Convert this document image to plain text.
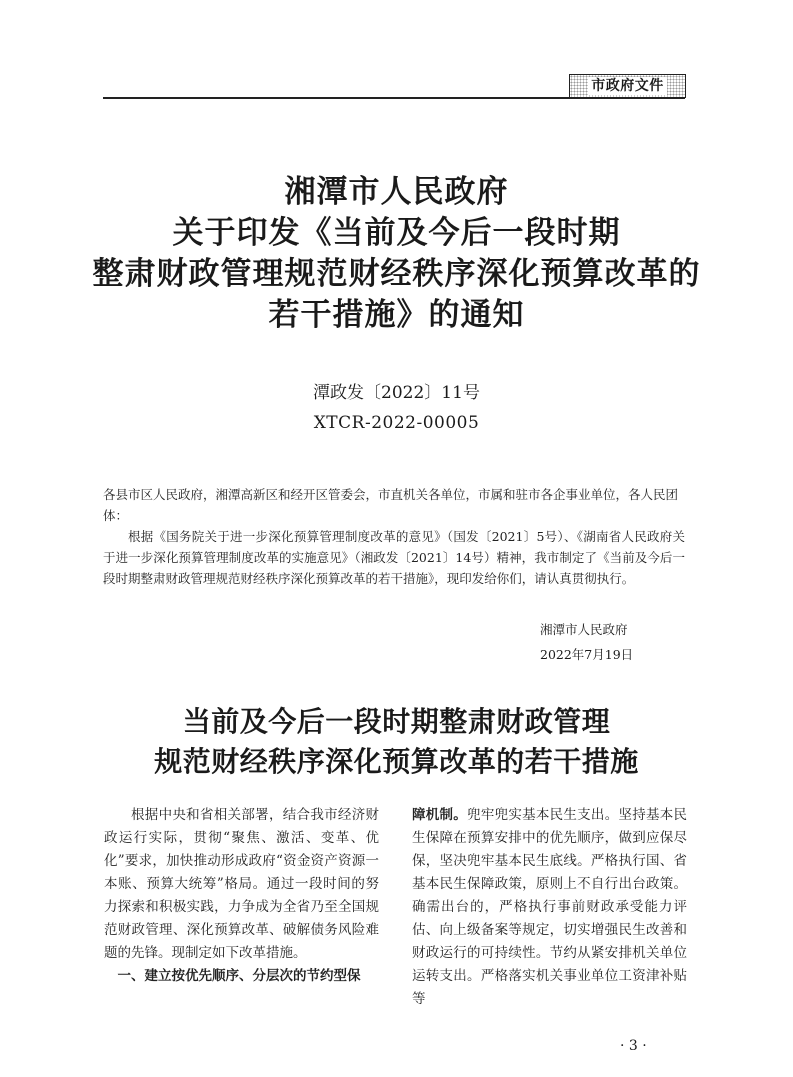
市政府文件
湘潭市人民政府
关于印发《当前及今后一段时期
整肃财政管理规范财经秩序深化预算改革的
若干措施》的通知
潭政发〔2022〕11号
XTCR-2022-00005
各县市区人民政府，湘潭高新区和经开区管委会，市直机关各单位，市属和驻市各企事业单位，各人民团体：
根据《国务院关于进一步深化预算管理制度改革的意见》（国发〔2021〕5号）、《湖南省人民政府关于进一步深化预算管理制度改革的实施意见》（湘政发〔2021〕14号）精神，我市制定了《当前及今后一段时期整肃财政管理规范财经秩序深化预算改革的若干措施》，现印发给你们，请认真贯彻执行。
湘潭市人民政府
2022年7月19日
当前及今后一段时期整肃财政管理
规范财经秩序深化预算改革的若干措施

根据中央和省相关部署，结合我市经济财政运行实际，贯彻“聚焦、激活、变革、优化”要求，加快推动形成政府“资金资产资源一本账、预算大统筹”格局。通过一段时间的努力探索和积极实践，力争成为全省乃至全国规范财政管理、深化预算改革、破解债务风险难题的先锋。现制定如下改革措施。

一、建立按优先顺序、分层次的节约型保

障机制。兜牢兜实基本民生支出。坚持基本民生保障在预算安排中的优先顺序，做到应保尽保，坚决兜牢基本民生底线。严格执行国、省基本民生保障政策，原则上不自行出台政策。确需出台的，严格执行事前财政承受能力评估、向上级备案等规定，切实增强民生改善和财政运行的可持续性。节约从紧安排机关单位运转支出。严格落实机关事业单位工资津补贴等

· 3 ·
